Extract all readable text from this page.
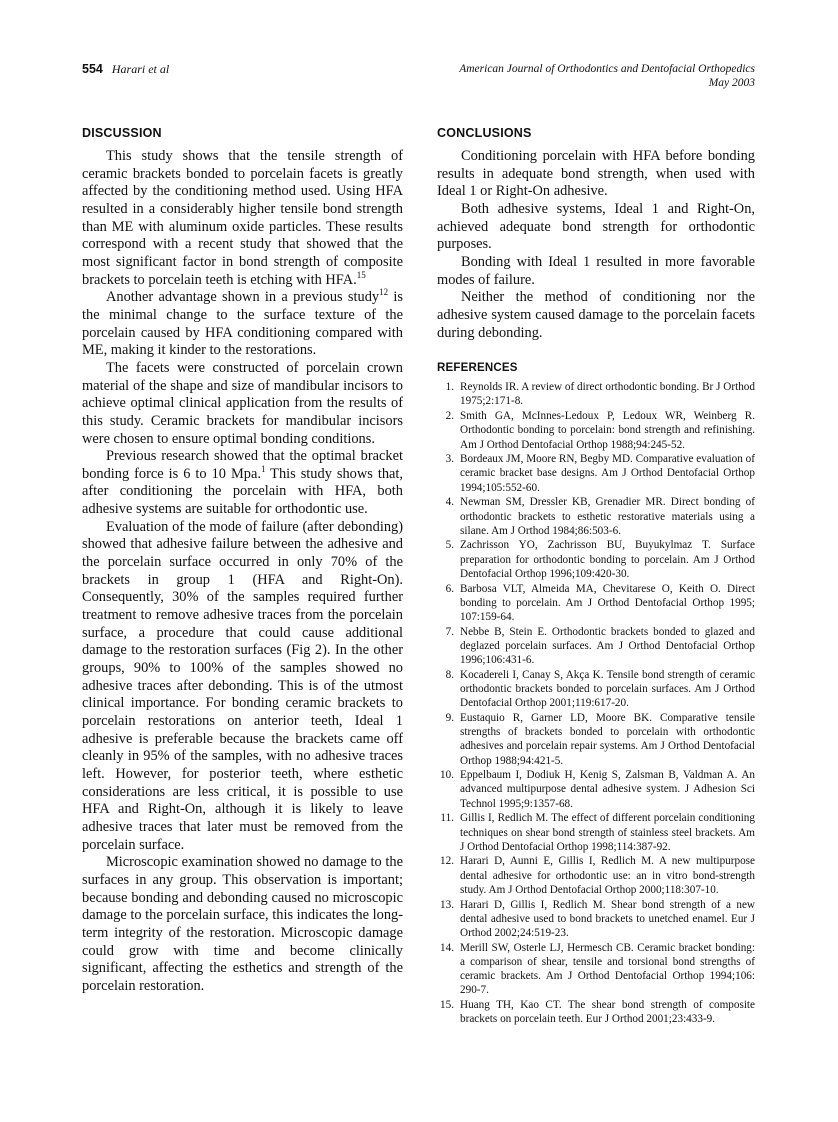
554 Harari et al	American Journal of Orthodontics and Dentofacial Orthopedics
May 2003
DISCUSSION

This study shows that the tensile strength of ceramic brackets bonded to porcelain facets is greatly affected by the conditioning method used. Using HFA resulted in a considerably higher tensile bond strength than ME with aluminum oxide particles. These results correspond with a recent study that showed that the most significant factor in bond strength of composite brackets to porcelain teeth is etching with HFA.$^{15}$

Another advantage shown in a previous study$^{12}$ is the minimal change to the surface texture of the porcelain caused by HFA conditioning compared with ME, making it kinder to the restorations.

The facets were constructed of porcelain crown material of the shape and size of mandibular incisors to achieve optimal clinical application from the results of this study. Ceramic brackets for mandibular incisors were chosen to ensure optimal bonding conditions.

Previous research showed that the optimal bracket bonding force is 6 to 10 Mpa.$^1$ This study shows that, after conditioning the porcelain with HFA, both adhesive systems are suitable for orthodontic use.

Evaluation of the mode of failure (after debonding) showed that adhesive failure between the adhesive and the porcelain surface occurred in only 70% of the brackets in group 1 (HFA and Right-On). Consequently, 30% of the samples required further treatment to remove adhesive traces from the porcelain surface, a procedure that could cause additional damage to the restoration surfaces (Fig 2). In the other groups, 90% to 100% of the samples showed no adhesive traces after debonding. This is of the utmost clinical importance. For bonding ceramic brackets to porcelain restorations on anterior teeth, Ideal 1 adhesive is preferable because the brackets came off cleanly in 95% of the samples, with no adhesive traces left. However, for posterior teeth, where esthetic considerations are less critical, it is possible to use HFA and Right-On, although it is likely to leave adhesive traces that later must be removed from the porcelain surface.

Microscopic examination showed no damage to the surfaces in any group. This observation is important; because bonding and debonding caused no microscopic damage to the porcelain surface, this indicates the long-term integrity of the restoration. Microscopic damage could grow with time and become clinically significant, affecting the esthetics and strength of the porcelain restoration.

CONCLUSIONS

Conditioning porcelain with HFA before bonding results in adequate bond strength, when used with Ideal 1 or Right-On adhesive.

Both adhesive systems, Ideal 1 and Right-On, achieved adequate bond strength for orthodontic purposes.

Bonding with Ideal 1 resulted in more favorable modes of failure.

Neither the method of conditioning nor the adhesive system caused damage to the porcelain facets during debonding.

REFERENCES
1. Reynolds IR. A review of direct orthodontic bonding. Br J Orthod 1975;2:171-8.
2. Smith GA, McInnes-Ledoux P, Ledoux WR, Weinberg R. Orthodontic bonding to porcelain: bond strength and refinishing. Am J Orthod Dentofacial Orthop 1988;94:245-52.
3. Bordeaux JM, Moore RN, Begby MD. Comparative evaluation of ceramic bracket base designs. Am J Orthod Dentofacial Orthop 1994;105:552-60.
4. Newman SM, Dressler KB, Grenadier MR. Direct bonding of orthodontic brackets to esthetic restorative materials using a silane. Am J Orthod 1984;86:503-6.
5. Zachrisson YO, Zachrisson BU, Buyukylmaz T. Surface preparation for orthodontic bonding to porcelain. Am J Orthod Dentofacial Orthop 1996;109:420-30.
6. Barbosa VLT, Almeida MA, Chevitarese O, Keith O. Direct bonding to porcelain. Am J Orthod Dentofacial Orthop 1995; 107:159-64.
7. Nebbe B, Stein E. Orthodontic brackets bonded to glazed and deglazed porcelain surfaces. Am J Orthod Dentofacial Orthop 1996;106:431-6.
8. Kocadereli I, Canay S, Akça K. Tensile bond strength of ceramic orthodontic brackets bonded to porcelain surfaces. Am J Orthod Dentofacial Orthop 2001;119:617-20.
9. Eustaquio R, Garner LD, Moore BK. Comparative tensile strengths of brackets bonded to porcelain with orthodontic adhesives and porcelain repair systems. Am J Orthod Dentofacial Orthop 1988;94:421-5.
10. Eppelbaum I, Dodiuk H, Kenig S, Zalsman B, Valdman A. An advanced multipurpose dental adhesive system. J Adhesion Sci Technol 1995;9:1357-68.
11. Gillis I, Redlich M. The effect of different porcelain conditioning techniques on shear bond strength of stainless steel brackets. Am J Orthod Dentofacial Orthop 1998;114:387-92.
12. Harari D, Aunni E, Gillis I, Redlich M. A new multipurpose dental adhesive for orthodontic use: an in vitro bond-strength study. Am J Orthod Dentofacial Orthop 2000;118:307-10.
13. Harari D, Gillis I, Redlich M. Shear bond strength of a new dental adhesive used to bond brackets to unetched enamel. Eur J Orthod 2002;24:519-23.
14. Merill SW, Osterle LJ, Hermesch CB. Ceramic bracket bonding: a comparison of shear, tensile and torsional bond strengths of ceramic brackets. Am J Orthod Dentofacial Orthop 1994;106: 290-7.
15. Huang TH, Kao CT. The shear bond strength of composite brackets on porcelain teeth. Eur J Orthod 2001;23:433-9.
